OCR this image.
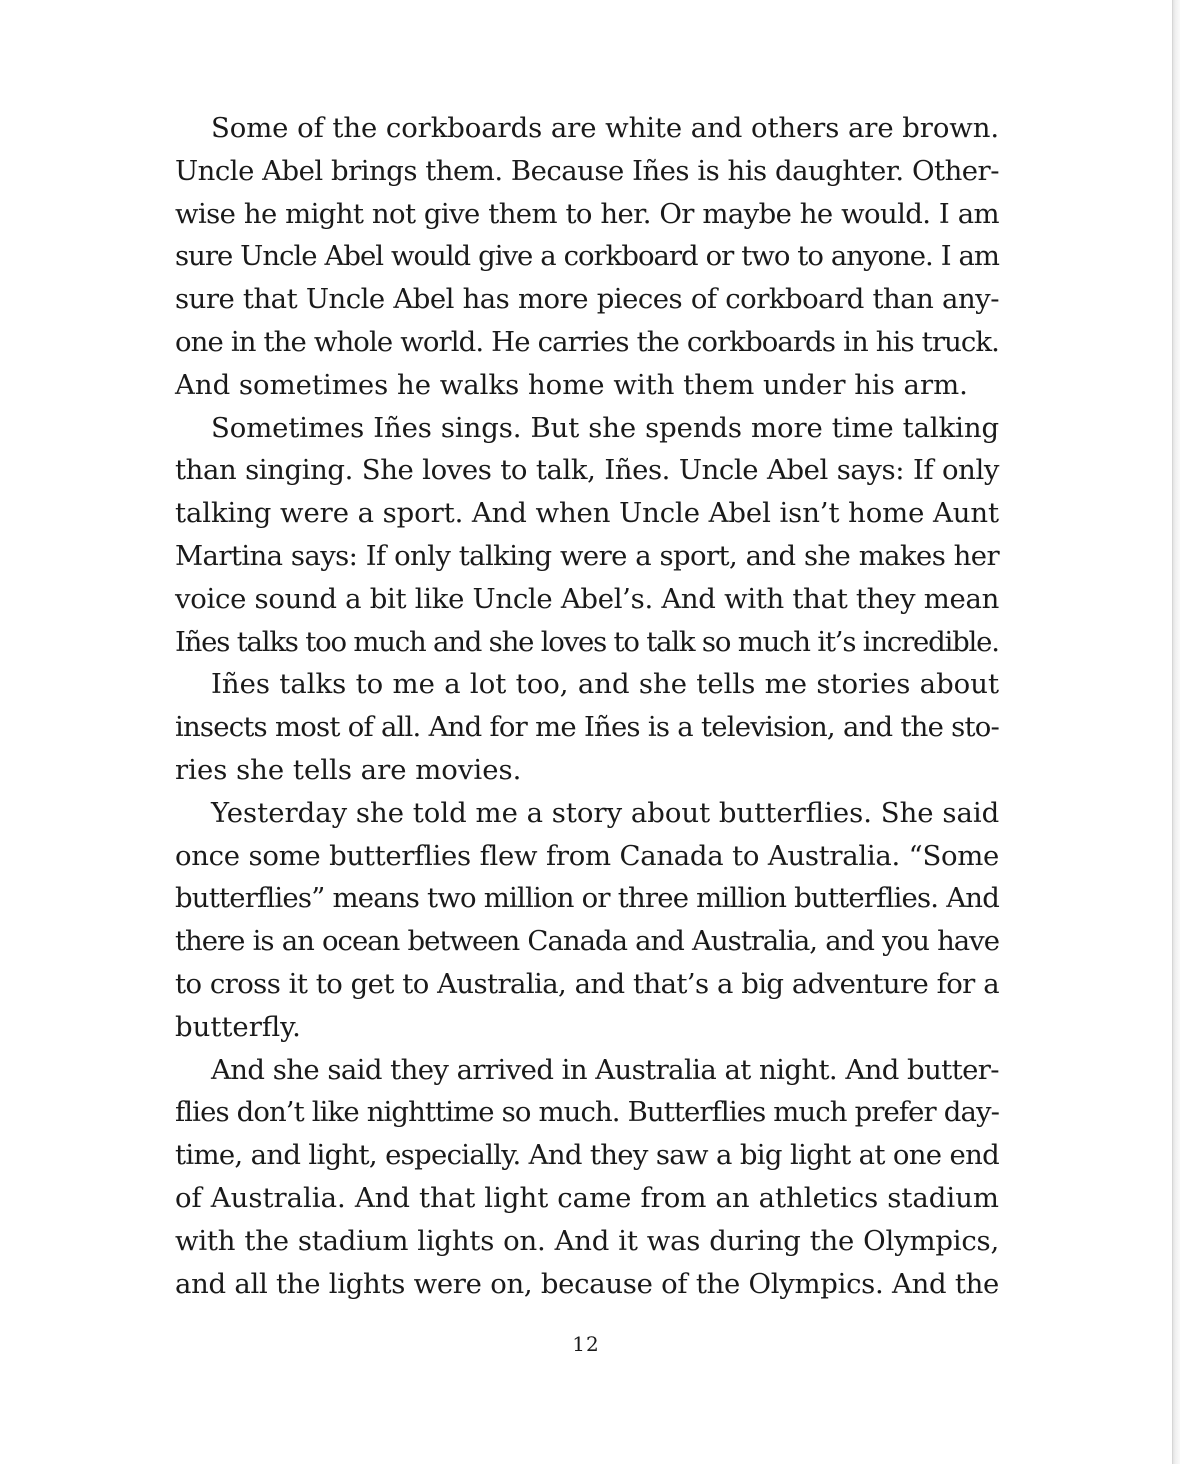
Some of the corkboards are white and others are brown.
Uncle Abel brings them. Because Iñes is his daughter. Other-
wise he might not give them to her. Or maybe he would. I am
sure Uncle Abel would give a corkboard or two to anyone. I am
sure that Uncle Abel has more pieces of corkboard than any-
one in the whole world. He carries the corkboards in his truck.
And sometimes he walks home with them under his arm.
Sometimes Iñes sings. But she spends more time talking
than singing. She loves to talk, Iñes. Uncle Abel says: If only
talking were a sport. And when Uncle Abel isn’t home Aunt
Martina says: If only talking were a sport, and she makes her
voice sound a bit like Uncle Abel’s. And with that they mean
Iñes talks too much and she loves to talk so much it’s incredible.
Iñes talks to me a lot too, and she tells me stories about
insects most of all. And for me Iñes is a television, and the sto-
ries she tells are movies.
Yesterday she told me a story about butterflies. She said
once some butterflies flew from Canada to Australia. “Some
butterflies” means two million or three million butterflies. And
there is an ocean between Canada and Australia, and you have
to cross it to get to Australia, and that’s a big adventure for a
butterfly.
And she said they arrived in Australia at night. And butter-
flies don’t like nighttime so much. Butterflies much prefer day-
time, and light, especially. And they saw a big light at one end
of Australia. And that light came from an athletics stadium
with the stadium lights on. And it was during the Olympics,
and all the lights were on, because of the Olympics. And the
12
